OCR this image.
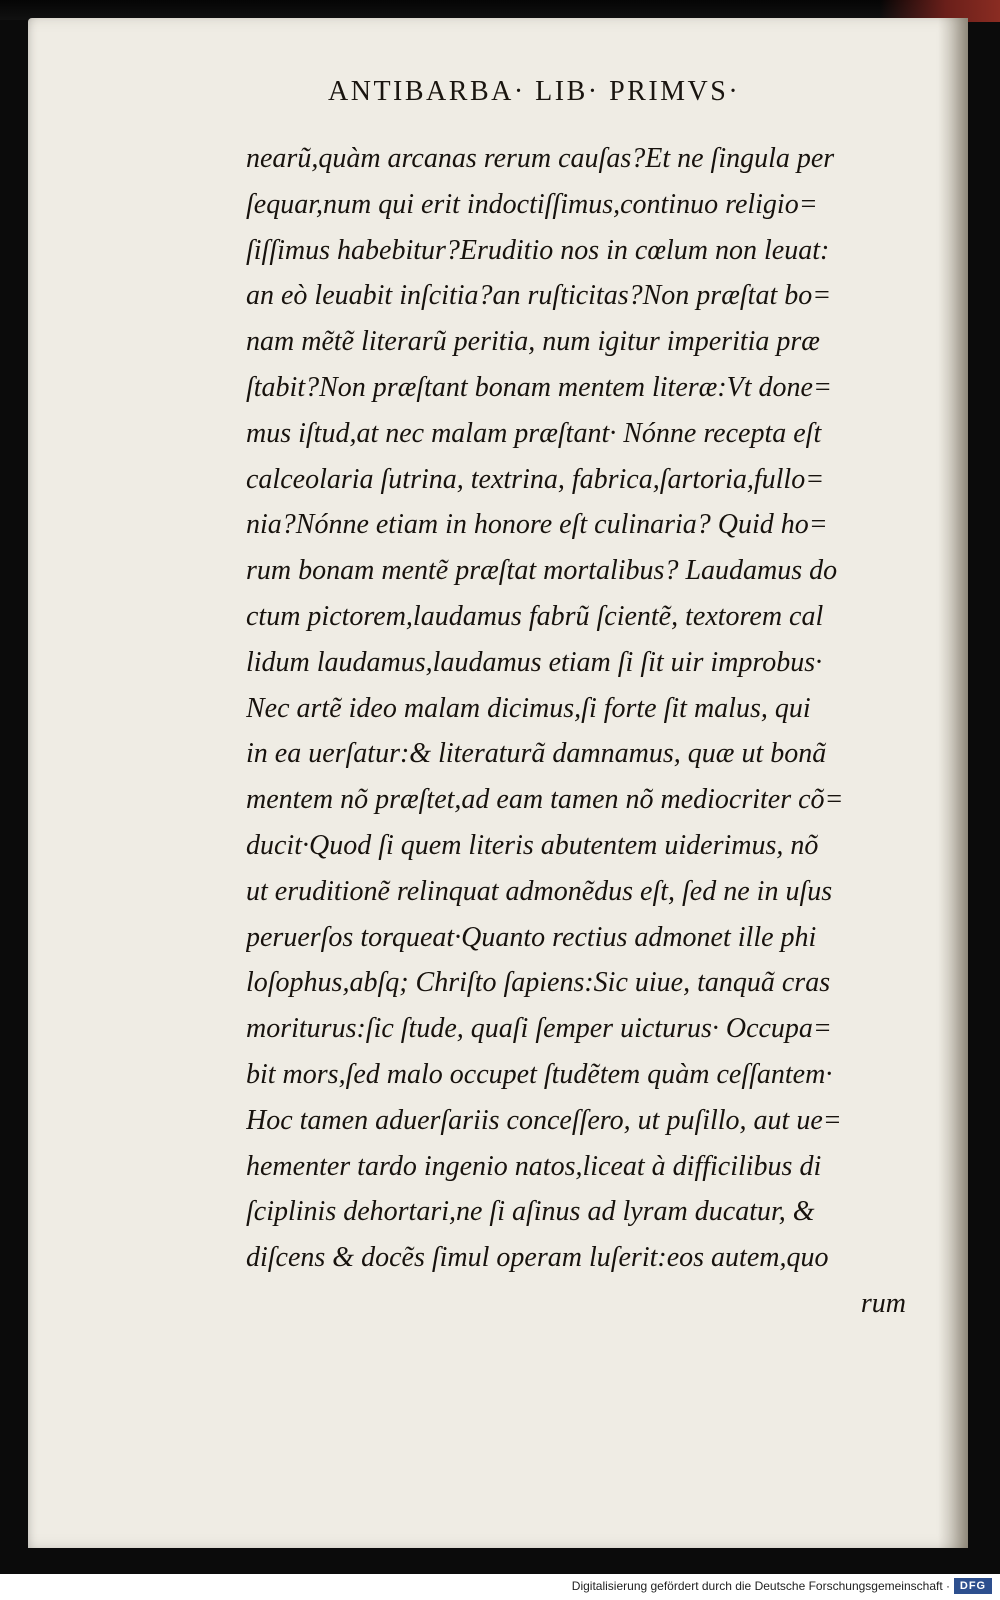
ANTIBARBA· LIB· PRIMVS·
nearũ,quàm arcanas rerum cauſas?Et ne ſingula per
ſequar,num qui erit indoctiſſimus,continuo religio=
ſiſſimus habebitur?Eruditio nos in cœlum non leuat:
an eò leuabit inſcitia?an ruſticitas?Non præſtat bo=
nam mẽtẽ literarũ peritia, num igitur imperitia præ
ſtabit?Non præſtant bonam mentem literæ:Vt done=
mus iſtud,at nec malam præſtant· Nónne recepta eſt
calceolaria ſutrina, textrina, fabrica,ſartoria,fullo=
nia?Nónne etiam in honore eſt culinaria? Quid ho=
rum bonam mentẽ præſtat mortalibus? Laudamus do
ctum pictorem,laudamus fabrũ ſcientẽ, textorem cal
lidum laudamus,laudamus etiam ſi ſit uir improbus·
Nec artẽ ideo malam dicimus,ſi forte ſit malus, qui
in ea uerſatur:& literaturã damnamus, quæ ut bonã
mentem nõ præſtet,ad eam tamen nõ mediocriter cõ=
ducit·Quod ſi quem literis abutentem uiderimus, nõ
ut eruditionẽ relinquat admonẽdus eſt, ſed ne in uſus
peruerſos torqueat·Quanto rectius admonet ille phi
loſophus,abſq; Chriſto ſapiens:Sic uiue, tanquã cras
moriturus:ſic ſtude, quaſi ſemper uicturus· Occupa=
bit mors,ſed malo occupet ſtudẽtem quàm ceſſantem·
Hoc tamen aduerſariis conceſſero, ut puſillo, aut ue=
hementer tardo ingenio natos,liceat à difficilibus di
ſciplinis dehortari,ne ſi aſinus ad lyram ducatur, &
diſcens & docẽs ſimul operam luſerit:eos autem,quo
rum
Digitalisierung gefördert durch die Deutsche Forschungsgemeinschaft · DFG
